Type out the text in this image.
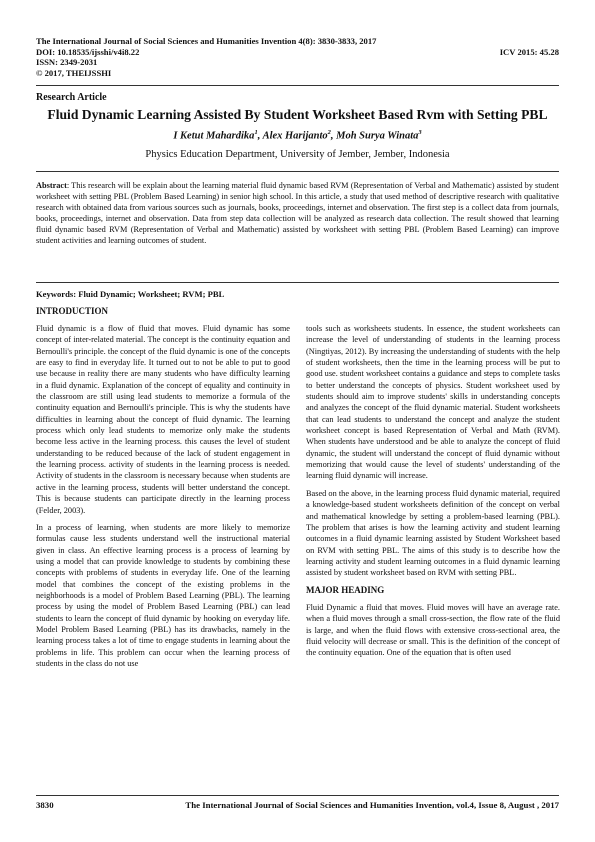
The International Journal of Social Sciences and Humanities Invention 4(8): 3830-3833, 2017
DOI: 10.18535/ijsshi/v4i8.22	ICV 2015: 45.28
ISSN: 2349-2031
© 2017, THEIJSSHI
Research Article
Fluid Dynamic Learning Assisted By Student Worksheet Based Rvm with Setting PBL
I Ketut Mahardika$^1$, Alex Harijanto$^2$, Moh Surya Winata$^3$
Physics Education Department, University of Jember, Jember, Indonesia
Abstract: This research will be explain about the learning material fluid dynamic based RVM (Representation of Verbal and Mathematic) assisted by student worksheet with setting PBL (Problem Based Learning) in senior high school. In this article, a study that used method of descriptive research with qualitative research with obtained data from various sources such as journals, books, proceedings, internet and observation. The first step is a collect data from journals, books, proceedings, internet and observation. Data from step data collection will be analyzed as research data collection. The result showed that learning fluid dynamic based RVM (Representation of Verbal and Mathematic) assisted by worksheet with setting PBL (Problem Based Learning) can improve student activities and learning outcomes of student.
Keywords: Fluid Dynamic; Worksheet; RVM; PBL
INTRODUCTION

Fluid dynamic is a flow of fluid that moves. Fluid dynamic has some concept of inter-related material. The concept is the continuity equation and Bernoulli's principle. the concept of the fluid dynamic is one of the concepts are easy to find in everyday life. It turned out to not be able to put to good use because in reality there are many students who have difficulty learning in a fluid dynamic. Explanation of the concept of equality and continuity in the classroom are still using lead students to memorize a formula of the continuity equation and Bernoulli's principle. This is why the students have difficulties in learning about the concept of fluid dynamic. The learning process which only lead students to memorize only make the students become less active in the learning process. this causes the level of student understanding to be reduced because of the lack of student engagement in the learning process. activity of students in the learning process is needed. Activity of students in the classroom is necessary because when students are active in the learning process, students will better understand the concept. This is because students can participate directly in the learning process (Felder, 2003).

In a process of learning, when students are more likely to memorize formulas cause less students understand well the instructional material given in class. An effective learning process is a process of learning by using a model that can provide knowledge to students by combining these concepts with problems of students in everyday life. One of the learning model that combines the concept of the existing problems in the neighborhoods is a model of Problem Based Learning (PBL). The learning process by using the model of Problem Based Learning (PBL) can lead students to learn the concept of fluid dynamic by hooking on everyday life. Model Problem Based Learning (PBL) has its drawbacks, namely in the learning process takes a lot of time to engage students in learning about the problems in life. This problem can occur when the learning process of students in the class do not use

tools such as worksheets students. In essence, the student worksheets can increase the level of understanding of students in the learning process (Ningtiyas, 2012). By increasing the understanding of students with the help of student worksheets, then the time in the learning process will be put to good use. student worksheet contains a guidance and steps to complete tasks to better understand the concepts of physics. Student worksheet used by students should aim to improve students' skills in understanding concepts and analyzes the concept of the fluid dynamic material. Student worksheets that can lead students to understand the concept and analyze the student worksheet concept is based Representation of Verbal and Math (RVM). When students have understood and be able to analyze the concept of fluid dynamic, the student will understand the concept of fluid dynamic without memorizing that would cause the level of students' understanding of the learning fluid dynamic will increase.

Based on the above, in the learning process fluid dynamic material, required a knowledge-based student worksheets definition of the concept on verbal and mathematical knowledge by setting a problem-based learning (PBL). The problem that arises is how the learning activity and student learning outcomes in a fluid dynamic learning assisted by Student Worksheet based on RVM with setting PBL. The aims of this study is to describe how the learning activity and student learning outcomes in a fluid dynamic learning assisted by student worksheet based on RVM with setting PBL.

MAJOR HEADING

Fluid Dynamic a fluid that moves. Fluid moves will have an average rate. when a fluid moves through a small cross-section, the flow rate of the fluid is large, and when the fluid flows with extensive cross-sectional area, the fluid velocity will decrease or small. This is the definition of the concept of the continuity equation. One of the equation that is often used

3830	The International Journal of Social Sciences and Humanities Invention, vol.4, Issue 8, August , 2017
